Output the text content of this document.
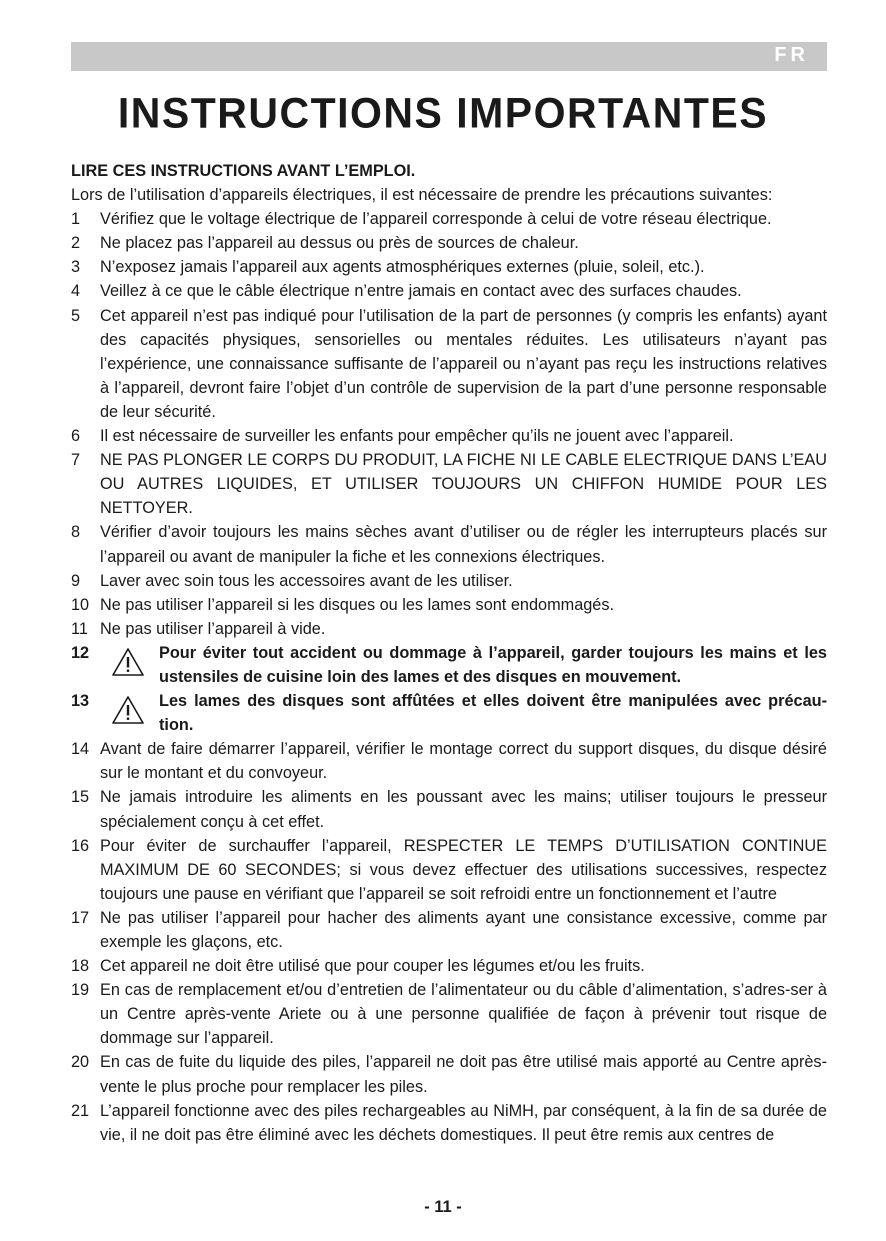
FR
INSTRUCTIONS IMPORTANTES

LIRE CES INSTRUCTIONS AVANT L’EMPLOI.

Lors de l’utilisation d’appareils électriques, il est nécessaire de prendre les précautions suivantes:

1 Vérifiez que le voltage électrique de l’appareil corresponde à celui de votre réseau électrique.
2 Ne placez pas l’appareil au dessus ou près de sources de chaleur.
3 N’exposez jamais l’appareil aux agents atmosphériques externes (pluie, soleil, etc.).
4 Veillez à ce que le câble électrique n’entre jamais en contact avec des surfaces chaudes.
5 Cet appareil n’est pas indiqué pour l’utilisation de la part de personnes (y compris les enfants) ayant des capacités physiques, sensorielles ou mentales réduites. Les utilisateurs n’ayant pas l’expérience, une connaissance suffisante de l’appareil ou n’ayant pas reçu les instructions relatives à l’appareil, devront faire l’objet d’un contrôle de supervision de la part d’une personne responsable de leur sécurité.
6 Il est nécessaire de surveiller les enfants pour empêcher qu’ils ne jouent avec l’appareil.
7 NE PAS PLONGER LE CORPS DU PRODUIT, LA FICHE NI LE CABLE ELECTRIQUE DANS L’EAU OU AUTRES LIQUIDES, ET UTILISER TOUJOURS UN CHIFFON HUMIDE POUR LES NETTOYER.
8 Vérifier d’avoir toujours les mains sèches avant d’utiliser ou de régler les interrupteurs placés sur l’appareil ou avant de manipuler la fiche et les connexions électriques.
9 Laver avec soin tous les accessoires avant de les utiliser.
10 Ne pas utiliser l’appareil si les disques ou les lames sont endommagés.
11 Ne pas utiliser l’appareil à vide.
12	Pour éviter tout accident ou dommage à l’appareil, garder toujours les mains et les ustensiles de cuisine loin des lames et des disques en mouvement.
13	Les lames des disques sont affûtées et elles doivent être manipulées avec précau-tion.
14 Avant de faire démarrer l’appareil, vérifier le montage correct du support disques, du disque désiré sur le montant et du convoyeur.
15 Ne jamais introduire les aliments en les poussant avec les mains; utiliser toujours le presseur spécialement conçu à cet effet.
16 Pour éviter de surchauffer l’appareil, RESPECTER LE TEMPS D’UTILISATION CONTINUE MAXIMUM DE 60 SECONDES; si vous devez effectuer des utilisations successives, respectez toujours une pause en vérifiant que l’appareil se soit refroidi entre un fonctionnement et l’autre
17 Ne pas utiliser l’appareil pour hacher des aliments ayant une consistance excessive, comme par exemple les glaçons, etc.
18 Cet appareil ne doit être utilisé que pour couper les légumes et/ou les fruits.
19 En cas de remplacement et/ou d’entretien de l’alimentateur ou du câble d’alimentation, s’adres-ser à un Centre après-vente Ariete ou à une personne qualifiée de façon à prévenir tout risque de dommage sur l’appareil.
20 En cas de fuite du liquide des piles, l’appareil ne doit pas être utilisé mais apporté au Centre après-vente le plus proche pour remplacer les piles.
21 L’appareil fonctionne avec des piles rechargeables au NiMH, par conséquent, à la fin de sa durée de vie, il ne doit pas être éliminé avec les déchets domestiques. Il peut être remis aux centres de
- 11 -
